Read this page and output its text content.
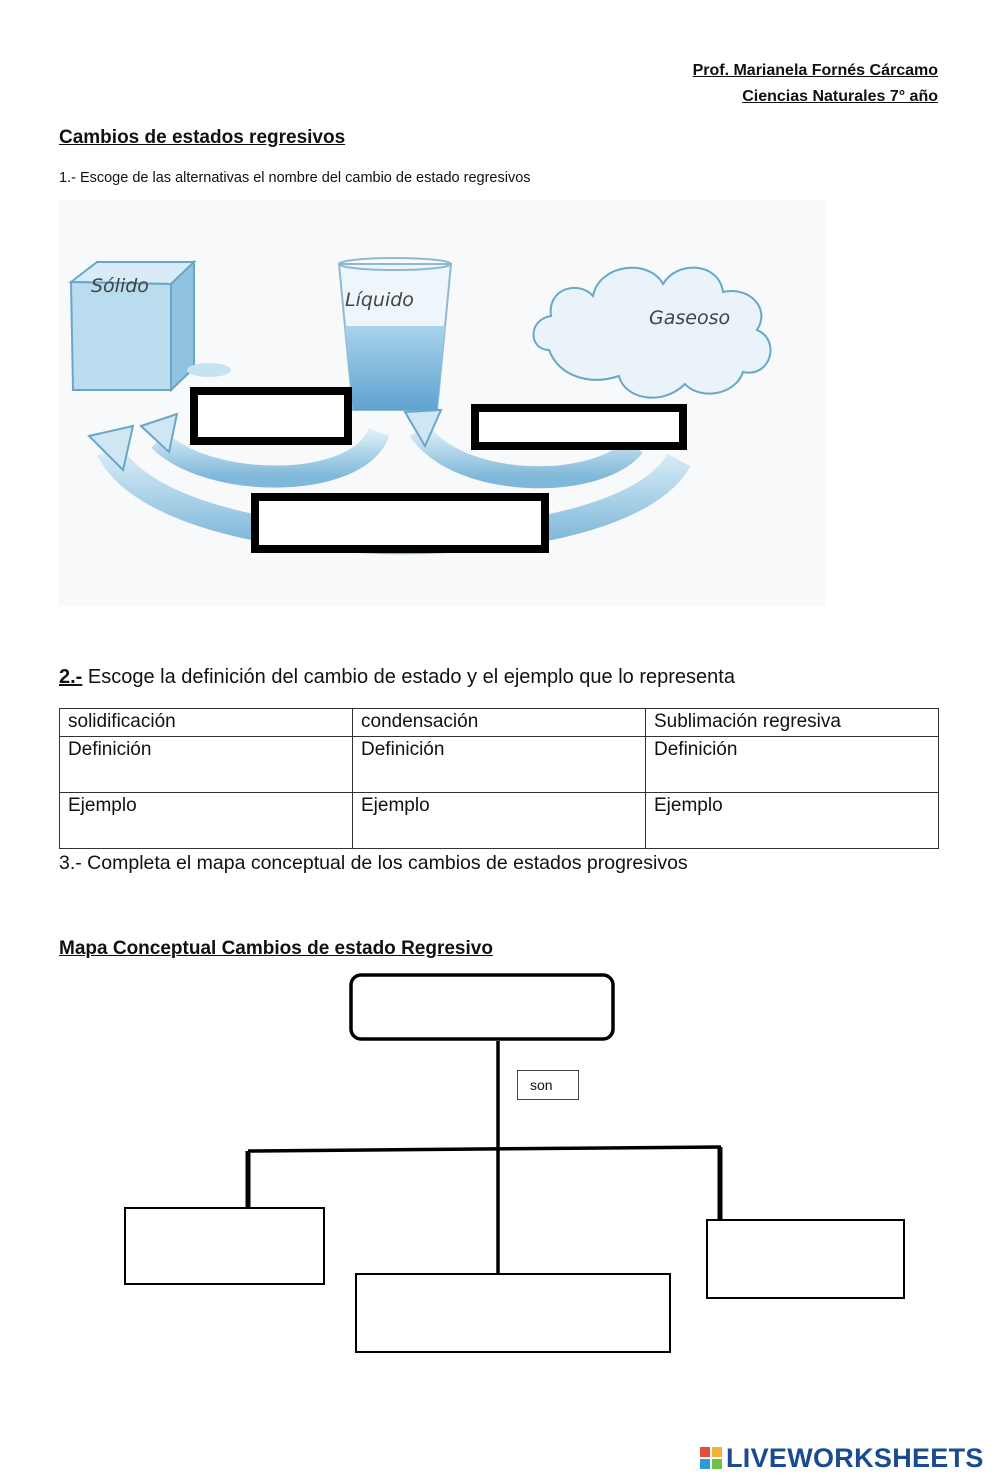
Prof. Marianela Fornés Cárcamo
Ciencias Naturales 7° año
Cambios de estados regresivos
1.- Escoge de las alternativas el nombre del cambio de estado regresivos
Sólido
Líquido
Gaseoso
2.- Escoge la definición del cambio de estado y el ejemplo que lo representa
solidificación	condensación	Sublimación regresiva
Definición	Definición	Definición
Ejemplo	Ejemplo	Ejemplo
3.- Completa el mapa conceptual de los cambios de estados progresivos
Mapa Conceptual Cambios de estado Regresivo
son
LIVEWORKSHEETS
